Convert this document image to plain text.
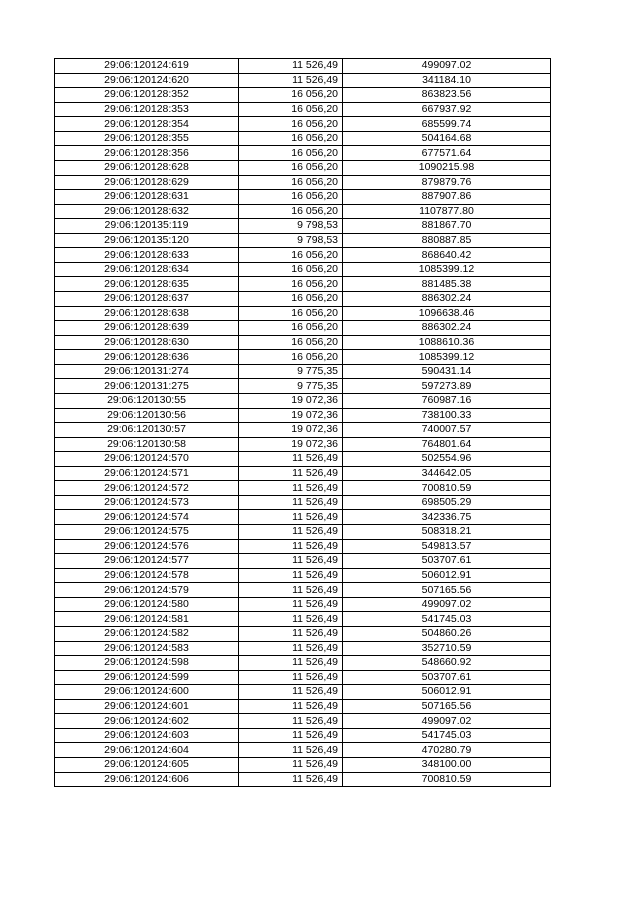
29:06:120124:619	11 526,49	499097.02
29:06:120124:620	11 526,49	341184.10
29:06:120128:352	16 056,20	863823.56
29:06:120128:353	16 056,20	667937.92
29:06:120128:354	16 056,20	685599.74
29:06:120128:355	16 056,20	504164.68
29:06:120128:356	16 056,20	677571.64
29:06:120128:628	16 056,20	1090215.98
29:06:120128:629	16 056,20	879879.76
29:06:120128:631	16 056,20	887907.86
29:06:120128:632	16 056,20	1107877.80
29:06:120135:119	9 798,53	881867.70
29:06:120135:120	9 798,53	880887.85
29:06:120128:633	16 056,20	868640.42
29:06:120128:634	16 056,20	1085399.12
29:06:120128:635	16 056,20	881485.38
29:06:120128:637	16 056,20	886302.24
29:06:120128:638	16 056,20	1096638.46
29:06:120128:639	16 056,20	886302.24
29:06:120128:630	16 056,20	1088610.36
29:06:120128:636	16 056,20	1085399.12
29:06:120131:274	9 775,35	590431.14
29:06:120131:275	9 775,35	597273.89
29:06:120130:55	19 072,36	760987.16
29:06:120130:56	19 072,36	738100.33
29:06:120130:57	19 072,36	740007.57
29:06:120130:58	19 072,36	764801.64
29:06:120124:570	11 526,49	502554.96
29:06:120124:571	11 526,49	344642.05
29:06:120124:572	11 526,49	700810.59
29:06:120124:573	11 526,49	698505.29
29:06:120124:574	11 526,49	342336.75
29:06:120124:575	11 526,49	508318.21
29:06:120124:576	11 526,49	549813.57
29:06:120124:577	11 526,49	503707.61
29:06:120124:578	11 526,49	506012.91
29:06:120124:579	11 526,49	507165.56
29:06:120124:580	11 526,49	499097.02
29:06:120124:581	11 526,49	541745.03
29:06:120124:582	11 526,49	504860.26
29:06:120124:583	11 526,49	352710.59
29:06:120124:598	11 526,49	548660.92
29:06:120124:599	11 526,49	503707.61
29:06:120124:600	11 526,49	506012.91
29:06:120124:601	11 526,49	507165.56
29:06:120124:602	11 526,49	499097.02
29:06:120124:603	11 526,49	541745.03
29:06:120124:604	11 526,49	470280.79
29:06:120124:605	11 526,49	348100.00
29:06:120124:606	11 526,49	700810.59
